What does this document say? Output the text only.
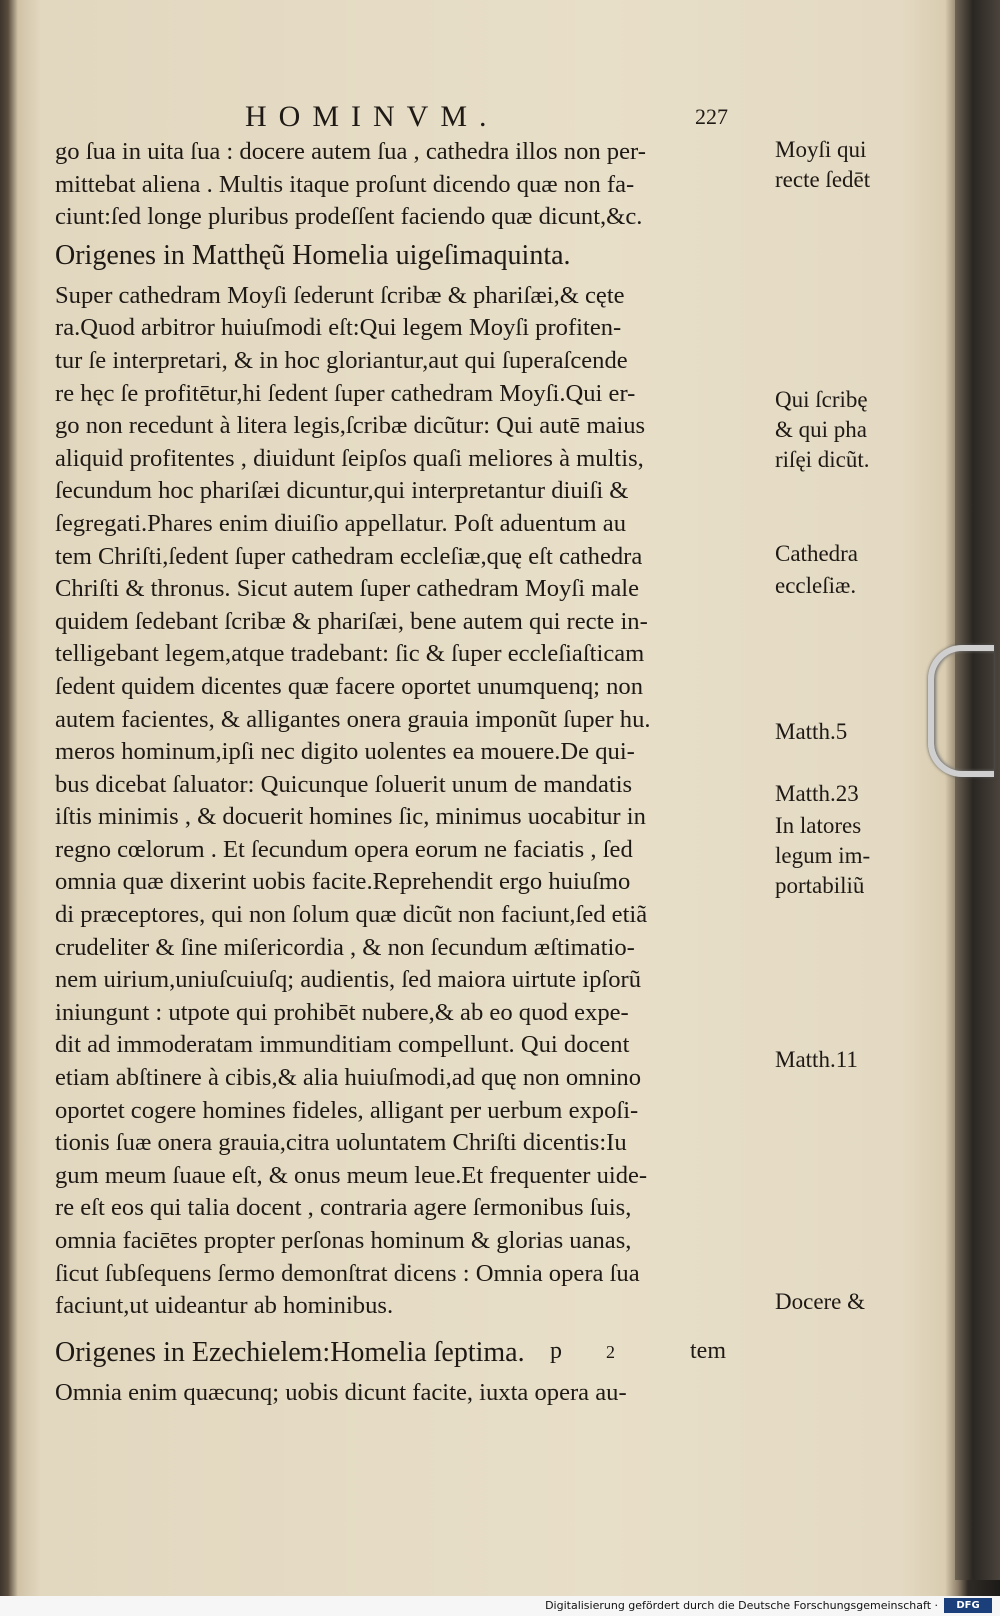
HOMINVM.	227
go ſua in uita ſua : docere autem ſua , cathedra illos non per-
mittebat aliena . Multis itaque proſunt dicendo quæ non fa-
ciunt:ſed longe pluribus prodeſſent faciendo quæ dicunt,&c.
Origenes in Matthęũ Homelia uigeſimaquinta.
Super cathedram Moyſi ſederunt ſcribæ & phariſæi,& cęte
ra.Quod arbitror huiuſmodi eſt:Qui legem Moyſi profiten-
tur ſe interpretari, & in hoc gloriantur,aut qui ſuperaſcende
re hęc ſe profitētur,hi ſedent ſuper cathedram Moyſi.Qui er-
go non recedunt à litera legis,ſcribæ dicũtur: Qui autē maius
aliquid profitentes , diuidunt ſeipſos quaſi meliores à multis,
ſecundum hoc phariſæi dicuntur,qui interpretantur diuiſi &
ſegregati.Phares enim diuiſio appellatur. Poſt aduentum au
tem Chriſti,ſedent ſuper cathedram eccleſiæ,quę eſt cathedra
Chriſti & thronus. Sicut autem ſuper cathedram Moyſi male
quidem ſedebant ſcribæ & phariſæi, bene autem qui recte in-
telligebant legem,atque tradebant: ſic & ſuper eccleſiaſticam
ſedent quidem dicentes quæ facere oportet unumquenq; non
autem facientes, & alligantes onera grauia imponũt ſuper hu.
meros hominum,ipſi nec digito uolentes ea mouere.De qui-
bus dicebat ſaluator: Quicunque ſoluerit unum de mandatis
iſtis minimis , & docuerit homines ſic, minimus uocabitur in
regno cœlorum . Et ſecundum opera eorum ne faciatis , ſed
omnia quæ dixerint uobis facite.Reprehendit ergo huiuſmo
di præceptores, qui non ſolum quæ dicũt non faciunt,ſed etiã
crudeliter & ſine miſericordia , & non ſecundum æſtimatio-
nem uirium,uniuſcuiuſq; audientis, ſed maiora uirtute ipſorũ
iniungunt : utpote qui prohibēt nubere,& ab eo quod expe-
dit ad immoderatam immunditiam compellunt. Qui docent
etiam abſtinere à cibis,& alia huiuſmodi,ad quę non omnino
oportet cogere homines fideles, alligant per uerbum expoſi-
tionis ſuæ onera grauia,citra uoluntatem Chriſti dicentis:Iu
gum meum ſuaue eſt, & onus meum leue.Et frequenter uide-
re eſt eos qui talia docent , contraria agere ſermonibus ſuis,
omnia faciētes propter perſonas hominum & glorias uanas,
ſicut ſubſequens ſermo demonſtrat dicens : Omnia opera ſua
faciunt,ut uideantur ab hominibus.
Origenes in Ezechielem:Homelia ſeptima.
Omnia enim quæcunq; uobis dicunt facite, iuxta opera au-
Moyſi qui
recte ſedēt
Qui ſcribę
& qui pha
riſęi dicũt.
Cathedra
eccleſiæ.
Matth.5
Matth.23
In latores
legum im-
portabiliũ
Matth.11
Docere &
p 2	tem
Digitalisierung gefördert durch die Deutsche Forschungsgemeinschaft ·	DFG
